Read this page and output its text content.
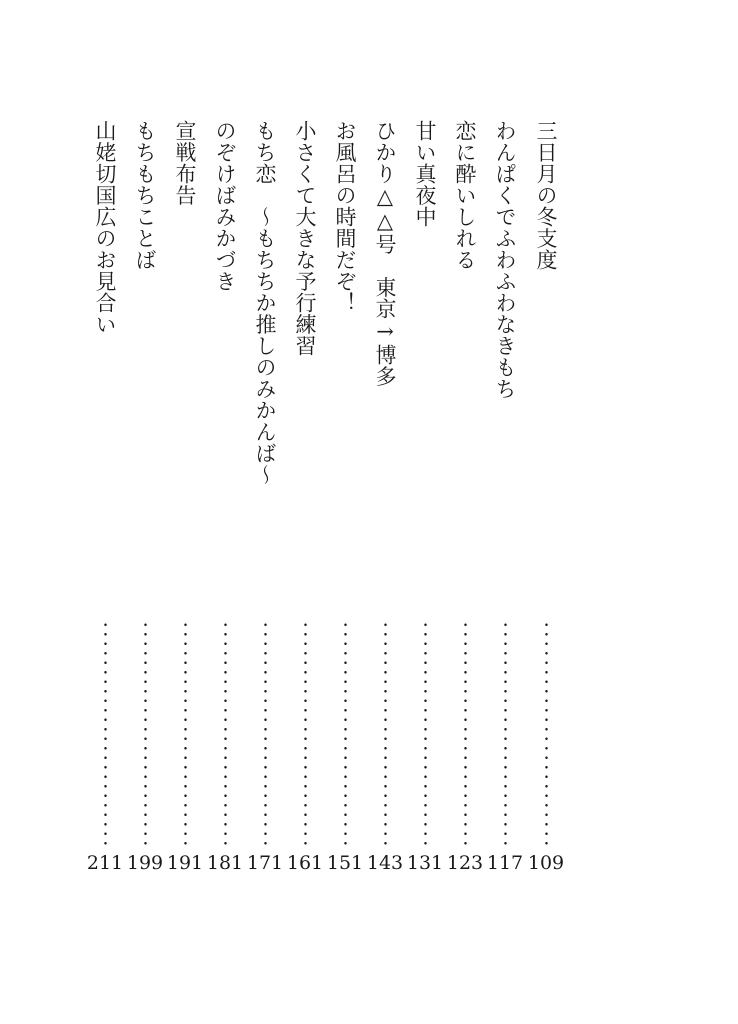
三日月の冬支度
109
わんぱくでふわふわなきもち
117
恋に酔いしれる
123
甘い真夜中
131
ひかり△△号　東京→博多
143
お風呂の時間だぞ！
151
小さくて大きな予行練習
161
もち恋　〜もちちか推しのみかんば〜
171
のぞけばみかづき
181
宣戦布告
191
もちもちことば
199
山姥切国広のお見合い
211
